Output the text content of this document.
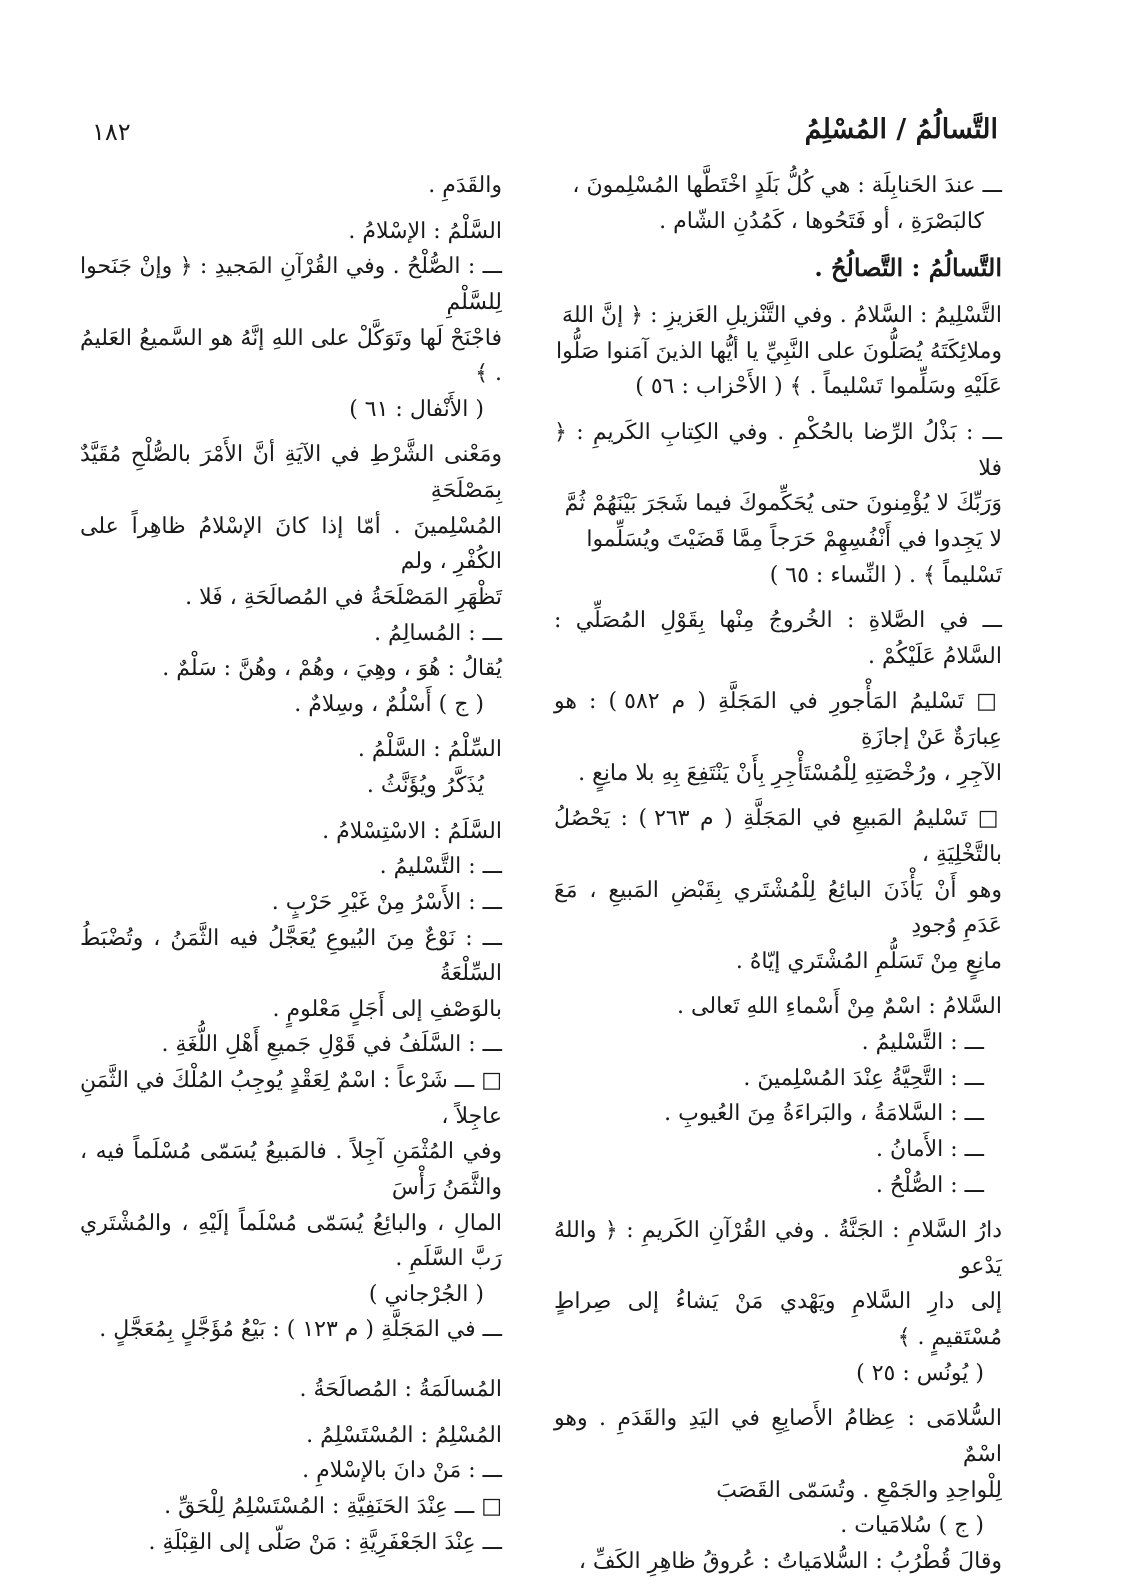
١٨٢	التَّسالُمُ / المُسْلِمُ
ـــ عندَ الحَنابِلَة : هي كُلُّ بَلَدٍ اخْتَطَّها المُسْلِمونَ ،
كالبَصْرَةِ ، أو فَتَحُوها ، كَمُدُنِ الشّام .
التَّسالُمُ : التَّصالُحُ .
التَّسْلِيمُ : السَّلامُ . وفي التَّنْزيلِ العَزيزِ : ﴿ إنَّ اللهَ
وملائِكَتَهُ يُصَلُّونَ على النَّبِيِّ يا أيُّها الذينَ آمَنوا صَلُّوا
عَلَيْهِ وسَلِّموا تَسْليماً . ﴾ ( الأَحْزاب : ٥٦ )
ـــ : بَذْلُ الرِّضا بالحُكْمِ . وفي الكِتابِ الكَريمِ : ﴿ فلا
وَرَبِّكَ لا يُؤْمِنونَ حتى يُحَكِّموكَ فيما شَجَرَ بَيْنَهُمْ ثُمَّ
لا يَجِدوا في أَنْفُسِهِمْ حَرَجاً مِمَّا قَضَيْتَ ويُسَلِّموا
تَسْليماً ﴾ . ( النِّساء : ٦٥ )
ـــ في الصَّلاةِ : الخُروجُ مِنْها بِقَوْلِ المُصَلِّي : السَّلامُ عَلَيْكُمْ .
□ تَسْليمُ المَأْجورِ في المَجَلَّةِ ( م ٥٨٢ ) : هو عِبارَةٌ عَنْ إجازَةِ
الآجِرِ ، ورُخْصَتِهِ لِلْمُسْتَأْجِرِ بِأَنْ يَنْتَفِعَ بِهِ بلا مانِعٍ .
□ تَسْليمُ المَبيعِ في المَجَلَّةِ ( م ٢٦٣ ) : يَحْصُلُ بالتَّخْلِيَةِ ،
وهو أَنْ يَأْذَنَ البائِعُ لِلْمُشْتَري بِقَبْضِ المَبيعِ ، مَعَ عَدَمِ وُجودِ
مانِعٍ مِنْ تَسَلُّمِ المُشْتَري إيّاهُ .
السَّلامُ : اسْمٌ مِنْ أَسْماءِ اللهِ تَعالى .
ـــ : التَّسْليمُ .
ـــ : التَّحِيَّةُ عِنْدَ المُسْلِمينَ .
ـــ : السَّلامَةُ ، والبَراءَةُ مِنَ العُيوبِ .
ـــ : الأَمانُ .
ـــ : الصُّلْحُ .
دارُ السَّلامِ : الجَنَّةُ . وفي القُرْآنِ الكَريمِ : ﴿ واللهُ يَدْعو
إلى دارِ السَّلامِ ويَهْدي مَنْ يَشاءُ إلى صِراطٍ مُسْتَقيمٍ . ﴾
( يُونُس : ٢٥ )
السُّلامَى : عِظامُ الأَصابِعِ في اليَدِ والقَدَمِ . وهو اسْمٌ
لِلْواحِدِ والجَمْعِ . وتُسَمّى القَصَبَ
( ج ) سُلامَيات .
وقالَ قُطْرُبُ : السُّلامَياتُ : عُروقُ ظاهِرِ الكَفِّ ،
والقَدَمِ .
السَّلْمُ : الإسْلامُ .
ـــ : الصُّلْحُ . وفي القُرْآنِ المَجيدِ : ﴿ وإنْ جَنَحوا لِلسَّلْمِ
فاجْنَحْ لَها وتَوَكَّلْ على اللهِ إنَّهُ هو السَّميعُ العَليمُ . ﴾
( الأَنْفال : ٦١ )
ومَعْنى الشَّرْطِ في الآيَةِ أنَّ الأَمْرَ بالصُّلْحِ مُقَيَّدٌ بِمَصْلَحَةِ
المُسْلِمينَ . أمّا إذا كانَ الإسْلامُ ظاهِراً على الكُفْرِ ، ولم
تَظْهَرِ المَصْلَحَةُ في المُصالَحَةِ ، فَلا .
ـــ : المُسالِمُ .
يُقالُ : هُوَ ، وهِيَ ، وهُمْ ، وهُنَّ : سَلْمٌ .
( ج ) أَسْلُمٌ ، وسِلامٌ .
السِّلْمُ : السَّلْمُ .
يُذَكَّرُ ويُؤَنَّثُ .
السَّلَمُ : الاسْتِسْلامُ .
ـــ : التَّسْليمُ .
ـــ : الأَسْرُ مِنْ غَيْرِ حَرْبٍ .
ـــ : نَوْعٌ مِنَ البُيوعِ يُعَجَّلُ فيه الثَّمَنُ ، وتُضْبَطُ السِّلْعَةُ
بالوَصْفِ إلى أَجَلٍ مَعْلومٍ .
ـــ : السَّلَفُ في قَوْلِ جَميعِ أَهْلِ اللُّغَةِ .
□ ـــ شَرْعاً : اسْمٌ لِعَقْدٍ يُوجِبُ المُلْكَ في الثَّمَنِ عاجِلاً ،
وفي المُثْمَنِ آجِلاً . فالمَبيعُ يُسَمّى مُسْلَماً فيه ، والثَّمَنُ رَأْسَ
المالِ ، والبائِعُ يُسَمّى مُسْلَماً إلَيْهِ ، والمُشْتَري رَبَّ السَّلَمِ .
( الجُرْجاني )
ـــ في المَجَلَّةِ ( م ١٢٣ ) : بَيْعُ مُؤَجَّلٍ بِمُعَجَّلٍ .
المُسالَمَةُ : المُصالَحَةُ .
المُسْلِمُ : المُسْتَسْلِمُ .
ـــ : مَنْ دانَ بالإسْلامِ .
□ ـــ عِنْدَ الحَنَفِيَّةِ : المُسْتَسْلِمُ لِلْحَقِّ .
ـــ عِنْدَ الجَعْفَرِيَّةِ : مَنْ صَلّى إلى القِبْلَةِ .
